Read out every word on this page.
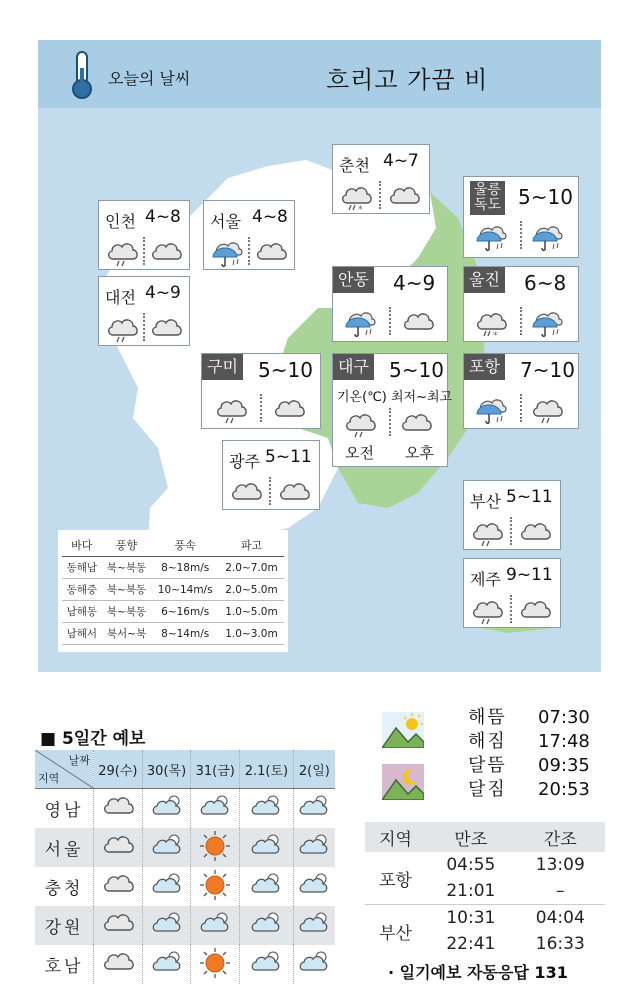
오늘의 날씨	흐리고 가끔 비
인천 4~8 서울 4~8
대전 4~9
춘천 4~7
*
울릉
독도 5~10
안동 4~9	울진 6~8
*
구미 5~10	대구 5~10
기온(℃) 최저~최고
오전 오후
포항 7~10
광주 5~11
부산 5~11
제주 9~11
바다	풍향	풍속	파고
동해남	북~북동	8~18m/s	2.0~7.0m
동해중	북~북동	10~14m/s	2.0~5.0m
남해동	북~북동	6~16m/s	1.0~5.0m
남해서	북서~북	8~14m/s	1.0~3.0m
■ 5일간 예보
날짜
지역	29(수)	30(목)	31(금)	2.1(토)	2(일)
영남					
서울					
충청					
강원					
호남					
해뜸 07:30
해짐 17:48
달뜸 09:35
달짐 20:53
지역	만조	간조
포항	04:55	13:09
	21:01	–
부산	10:31	04:04
	22:41	16:33
· 일기예보 자동응답 131
